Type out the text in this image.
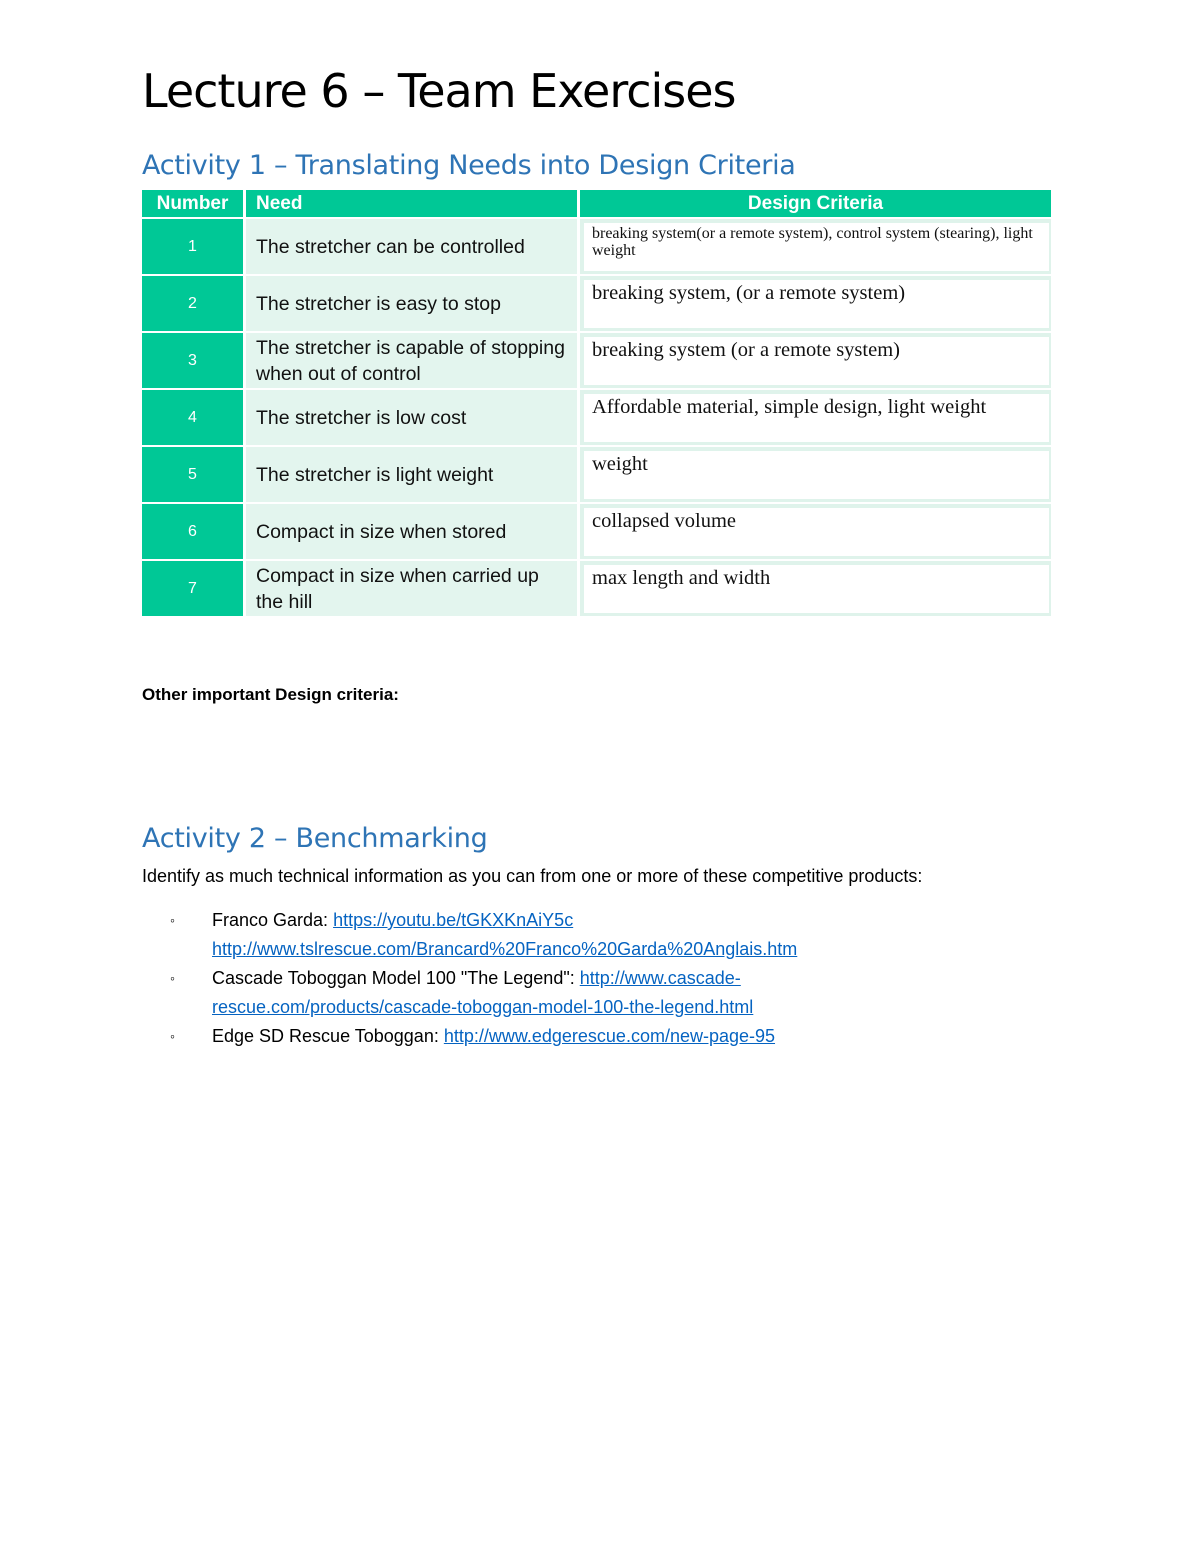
Lecture 6 – Team Exercises
Activity 1 – Translating Needs into Design Criteria
Number	Need	Design Criteria
1	The stretcher can be controlled	breaking system(or a remote system), control system (stearing), light weight

2	The stretcher is easy to stop	breaking system, (or a remote system)

3	The stretcher is capable of stopping when out of control	breaking system (or a remote system)

4	The stretcher is low cost	Affordable material, simple design, light weight

5	The stretcher is light weight	weight

6	Compact in size when stored	collapsed volume

7	Compact in size when carried up the hill	max length and width
Other important Design criteria:
Activity 2 – Benchmarking
Identify as much technical information as you can from one or more of these competitive products:
◦ Franco Garda: https://youtu.be/tGKXKnAiY5c
http://www.tslrescue.com/Brancard%20Franco%20Garda%20Anglais.htm
◦ Cascade Toboggan Model 100 "The Legend": http://www.cascade-
rescue.com/products/cascade-toboggan-model-100-the-legend.html
◦ Edge SD Rescue Toboggan: http://www.edgerescue.com/new-page-95
